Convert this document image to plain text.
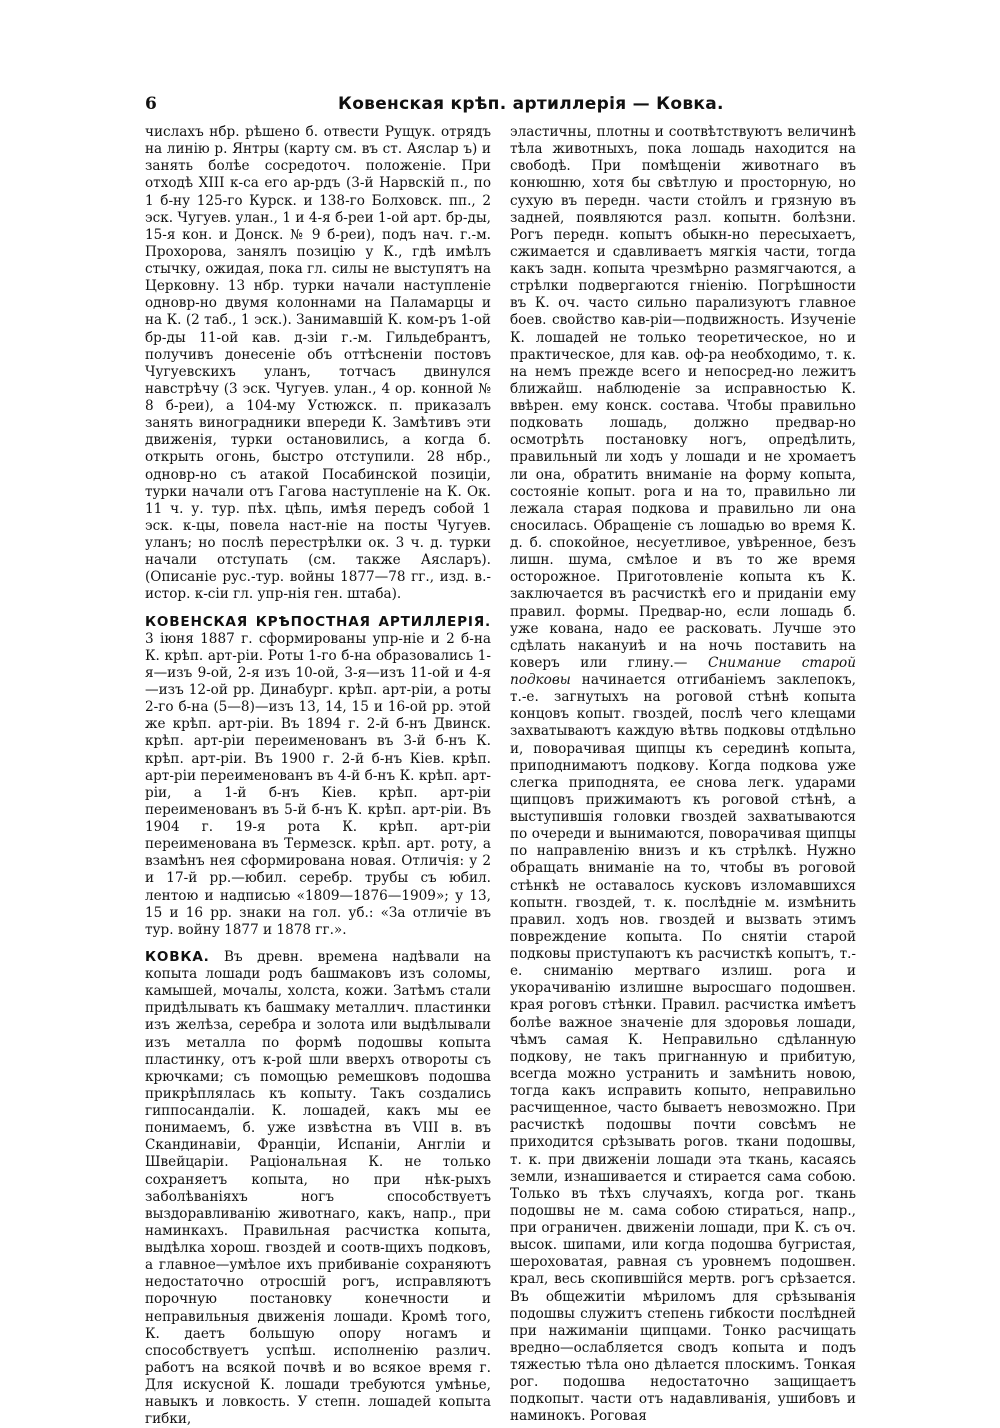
6	Ковенская крѣп. артиллерія — Ковка.

числахъ нбр. рѣшено б. отвести Рущук. отрядъ на линію р. Янтры (карту см. въ ст. Аяслар ъ) и занять болѣе сосредоточ. положеніе. При отходѣ XIII к-са его ар-рдъ (3-й Нарвскій п., по 1 б-ну 125-го Курск. и 138-го Болховск. пп., 2 эск. Чугуев. улан., 1 и 4-я б-реи 1-ой арт. бр-ды, 15-я кон. и Донск. № 9 б-реи), подъ нач. г.-м. Прохорова, занялъ позицію у К., гдѣ имѣлъ стычку, ожидая, пока гл. силы не выступятъ на Церковну. 13 нбр. турки начали наступленіе одновр-но двумя колоннами на Паламарцы и на К. (2 таб., 1 эск.). Занимавшій К. ком-ръ 1-ой бр-ды 11-ой кав. д-зіи г.-м. Гильдебрантъ, получивъ донесеніе объ оттѣсненіи постовъ Чугуевскихъ уланъ, тотчасъ двинулся навстрѣчу (3 эск. Чугуев. улан., 4 ор. конной № 8 б-реи), а 104-му Устюжск. п. приказалъ занять виноградники впереди К. Замѣтивъ эти движенія, турки остановились, а когда б. открыть огонь, быстро отступили. 28 нбр., одновр-но съ атакой Посабинской позиціи, турки начали отъ Гагова наступленіе на К. Ок. 11 ч. у. тур. пѣх. цѣпь, имѣя передъ собой 1 эск. к-цы, повела наст-ніе на посты Чугуев. уланъ; но послѣ перестрѣлки ок. 3 ч. д. турки начали отступать (см. также Аясларъ). (Описаніе рус.-тур. войны 1877—78 гг., изд. в.-истор. к-сіи гл. упр-нія ген. штаба).

КОВЕНСКАЯ КРѢПОСТНАЯ АРТИЛЛЕРІЯ. 3 іюня 1887 г. сформированы упр-ніе и 2 б-на К. крѣп. арт-ріи. Роты 1-го б-на образовались 1-я—изъ 9-ой, 2-я изъ 10-ой, 3-я—изъ 11-ой и 4-я—изъ 12-ой рр. Динабург. крѣп. арт-ріи, а роты 2-го б-на (5—8)—изъ 13, 14, 15 и 16-ой рр. этой же крѣп. арт-ріи. Въ 1894 г. 2-й б-нъ Двинск. крѣп. арт-ріи переименованъ въ 3-й б-нъ К. крѣп. арт-ріи. Въ 1900 г. 2-й б-нъ Кіев. крѣп. арт-ріи переименованъ въ 4-й б-нъ К. крѣп. арт-ріи, а 1-й б-нъ Кіев. крѣп. арт-ріи переименованъ въ 5-й б-нъ К. крѣп. арт-ріи. Въ 1904 г. 19-я рота К. крѣп. арт-ріи переименована въ Термезск. крѣп. арт. роту, а взамѣнъ нея сформирована новая. Отличія: у 2 и 17-й рр.—юбил. серебр. трубы съ юбил. лентою и надписью «1809—1876—1909»; у 13, 15 и 16 рр. знаки на гол. уб.: «За отличіе въ тур. войну 1877 и 1878 гг.».

КОВКА. Въ древн. времена надѣвали на копыта лошади родъ башмаковъ изъ соломы, камышей, мочалы, холста, кожи. Затѣмъ стали придѣлывать къ башмаку металлич. пластинки изъ желѣза, серебра и золота или выдѣлывали изъ металла по формѣ подошвы копыта пластинку, отъ к-рой шли вверхъ отвороты съ крючками; съ помощью ремешковъ подошва прикрѣплялась къ копыту. Такъ создались гиппосандаліи. К. лошадей, какъ мы ее понимаемъ, б. уже извѣстна въ VIII в. въ Скандинавіи, Франціи, Испаніи, Англіи и Швейцаріи. Раціональная К. не только сохраняетъ копыта, но при нѣк-рыхъ заболѣваніяхъ ногъ способствуетъ выздоравливанію животнаго, какъ, напр., при наминкахъ. Правильная расчистка копыта, выдѣлка хорош. гвоздей и соотв-щихъ подковъ, а главное—умѣлое ихъ прибиваніе сохраняютъ недостаточно отросшій рогъ, исправляютъ порочную постановку конечности и неправильныя движенія лошади. Кромѣ того, К. даетъ большую опору ногамъ и способствуетъ успѣш. исполненію различ. работъ на всякой почвѣ и во всякое время г. Для искусной К. лошади требуются умѣнье, навыкъ и ловкость. У степн. лошадей копыта гибки,

эластичны, плотны и соотвѣтствуютъ величинѣ тѣла животныхъ, пока лошадь находится на свободѣ. При помѣщеніи животнаго въ конюшню, хотя бы свѣтлую и просторную, но сухую въ передн. части стойлъ и грязную въ задней, появляются разл. копытн. болѣзни. Рогъ передн. копытъ обыкн-но пересыхаетъ, сжимается и сдавливаетъ мягкія части, тогда какъ задн. копыта чрезмѣрно размягчаются, а стрѣлки подвергаются гніенію. Погрѣшности въ К. оч. часто сильно парализуютъ главное боев. свойство кав-ріи—подвижность. Изученіе К. лошадей не только теоретическое, но и практическое, для кав. оф-ра необходимо, т. к. на немъ прежде всего и непосред-но лежитъ ближайш. наблюденіе за исправностью К. ввѣрен. ему конск. состава. Чтобы правильно подковать лошадь, должно предвар-но осмотрѣть постановку ногъ, опредѣлить, правильный ли ходъ у лошади и не хромаетъ ли она, обратить вниманіе на форму копыта, состояніе копыт. рога и на то, правильно ли лежала старая подкова и правильно ли она сносилась. Обращеніе съ лошадью во время К. д. б. спокойное, несуетливое, увѣренное, безъ лишн. шума, смѣлое и въ то же время осторожное. Приготовленіе копыта къ К. заключается въ расчисткѣ его и приданіи ему правил. формы. Предвар-но, если лошадь б. уже кована, надо ее расковать. Лучше это сдѣлать накануиѣ и на ночь поставить на коверъ или глину.— Снимание старой подковы начинается отгибаніемъ заклепокъ, т.-е. загнутыхъ на роговой стѣнѣ копыта концовъ копыт. гвоздей, послѣ чего клещами захватываютъ каждую вѣтвь подковы отдѣльно и, поворачивая щипцы къ серединѣ копыта, приподнимаютъ подкову. Когда подкова уже слегка приподнята, ее снова легк. ударами щипцовъ прижимаютъ къ роговой стѣнѣ, а выступившія головки гвоздей захватываются по очереди и вынимаются, поворачивая щипцы по направленію внизъ и къ стрѣлкѣ. Нужно обращать вниманіе на то, чтобы въ роговой стѣнкѣ не оставалось кусковъ изломавшихся копытн. гвоздей, т. к. послѣдніе м. измѣнить правил. ходъ нов. гвоздей и вызвать этимъ повреждение копыта. По снятіи старой подковы приступаютъ къ расчисткѣ копытъ, т.-е. сниманію мертваго излиш. рога и укорачиванію излишне выросшаго подошвен. края роговъ стѣнки. Правил. расчистка имѣетъ болѣе важное значеніе для здоровья лошади, чѣмъ самая К. Неправильно сдѣланную подкову, не такъ пригнанную и прибитую, всегда можно устранить и замѣнить новою, тогда какъ исправить копыто, неправильно расчищенное, часто бываетъ невозможно. При расчисткѣ подошвы почти совсѣмъ не приходится срѣзывать рогов. ткани подошвы, т. к. при движеніи лошади эта ткань, касаясь земли, изнашивается и стирается сама собою. Только въ тѣхъ случаяхъ, когда рог. ткань подошвы не м. сама собою стираться, напр., при ограничен. движеніи лошади, при К. съ оч. высок. шипами, или когда подошва бугристая, шероховатая, равная съ уровнемъ подошвен. крал, весь скопившійся мертв. рогъ срѣзается. Въ общежитіи мѣриломъ для срѣзыванія подошвы служитъ степень гибкости послѣдней при нажиманіи щипцами. Тонко расчищать вредно—ослабляется сводъ копыта и подъ тяжестью тѣла оно дѣлается плоскимъ. Тонкая рог. подошва недостаточно защищаетъ подкопыт. части отъ надавливанія, ушибовъ и наминокъ. Роговая
